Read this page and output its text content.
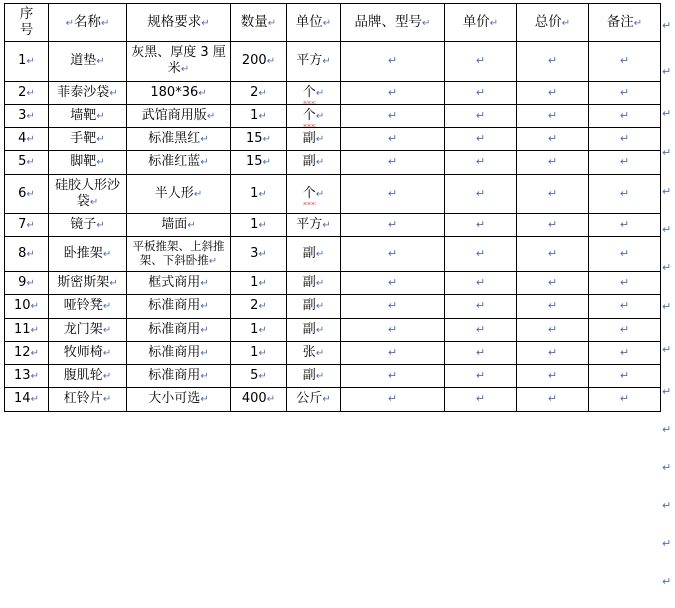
序
号	↵名称↵	规格要求↵	数量↵	单位↵	品牌、型号↵	单价↵	总价↵	备注↵
1↵	道垫↵	灰黑、厚度 3 厘米↵	200↵	平方↵	↵	↵	↵	↵
2↵	菲泰沙袋↵	180*36↵	2↵	个↵	↵	↵	↵	↵
3↵	墙靶↵	武馆商用版↵	1↵	个↵	↵	↵	↵	↵
4↵	手靶↵	标准黑红↵	15↵	副↵	↵	↵	↵	↵
5↵	脚靶↵	标准红蓝↵	15↵	副↵	↵	↵	↵	↵
6↵	硅胶人形沙袋↵	半人形↵	1↵	个↵	↵	↵	↵	↵
7↵	镜子↵	墙面↵	1↵	平方↵	↵	↵	↵	↵
8↵	卧推架↵	平板推架、上斜推架、下斜卧推↵	3↵	副↵	↵	↵	↵	↵
9↵	斯密斯架↵	框式商用↵	1↵	副↵	↵	↵	↵	↵
10↵	哑铃凳↵	标准商用↵	2↵	副↵	↵	↵	↵	↵
11↵	龙门架↵	标准商用↵	1↵	副↵	↵	↵	↵	↵
12↵	牧师椅↵	标准商用↵	1↵	张↵	↵	↵	↵	↵
13↵	腹肌轮↵	标准商用↵	5↵	副↵	↵	↵	↵	↵
14↵	杠铃片↵	大小可选↵	400↵	公斤↵	↵	↵	↵	↵
↵
↵
↵
↵
↵
↵
↵
↵
↵
↵
↵
↵
↵
↵
↵
